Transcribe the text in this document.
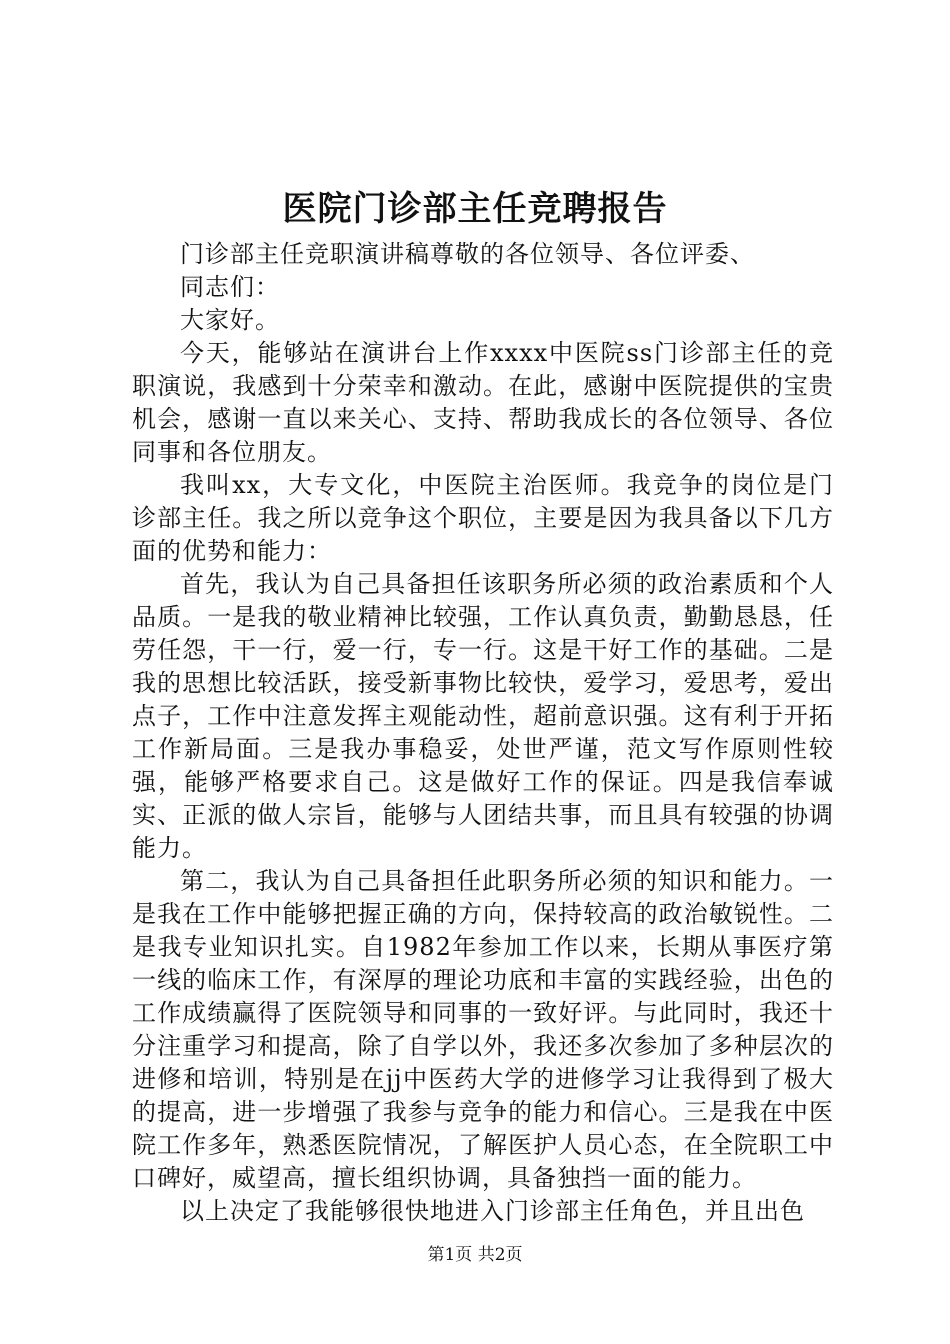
医院门诊部主任竞聘报告

门诊部主任竞职演讲稿尊敬的各位领导、各位评委、

同志们：

大家好。

今天，能够站在演讲台上作xxxx中医院ss门诊部主任的竞职演说，我感到十分荣幸和激动。在此，感谢中医院提供的宝贵机会，感谢一直以来关心、支持、帮助我成长的各位领导、各位同事和各位朋友。

我叫xx，大专文化，中医院主治医师。我竞争的岗位是门诊部主任。我之所以竞争这个职位，主要是因为我具备以下几方面的优势和能力：

首先，我认为自己具备担任该职务所必须的政治素质和个人品质。一是我的敬业精神比较强，工作认真负责，勤勤恳恳，任劳任怨，干一行，爱一行，专一行。这是干好工作的基础。二是我的思想比较活跃，接受新事物比较快，爱学习，爱思考，爱出点子，工作中注意发挥主观能动性，超前意识强。这有利于开拓工作新局面。三是我办事稳妥，处世严谨，范文写作原则性较强，能够严格要求自己。这是做好工作的保证。四是我信奉诚实、正派的做人宗旨，能够与人团结共事，而且具有较强的协调能力。

第二，我认为自己具备担任此职务所必须的知识和能力。一是我在工作中能够把握正确的方向，保持较高的政治敏锐性。二是我专业知识扎实。自1982年参加工作以来，长期从事医疗第一线的临床工作，有深厚的理论功底和丰富的实践经验，出色的工作成绩赢得了医院领导和同事的一致好评。与此同时，我还十分注重学习和提高，除了自学以外，我还多次参加了多种层次的进修和培训，特别是在jj中医药大学的进修学习让我得到了极大的提高，进一步增强了我参与竞争的能力和信心。三是我在中医院工作多年，熟悉医院情况，了解医护人员心态，在全院职工中口碑好，威望高，擅长组织协调，具备独挡一面的能力。

以上决定了我能够很快地进入门诊部主任角色，并且出色

第1页 共2页
